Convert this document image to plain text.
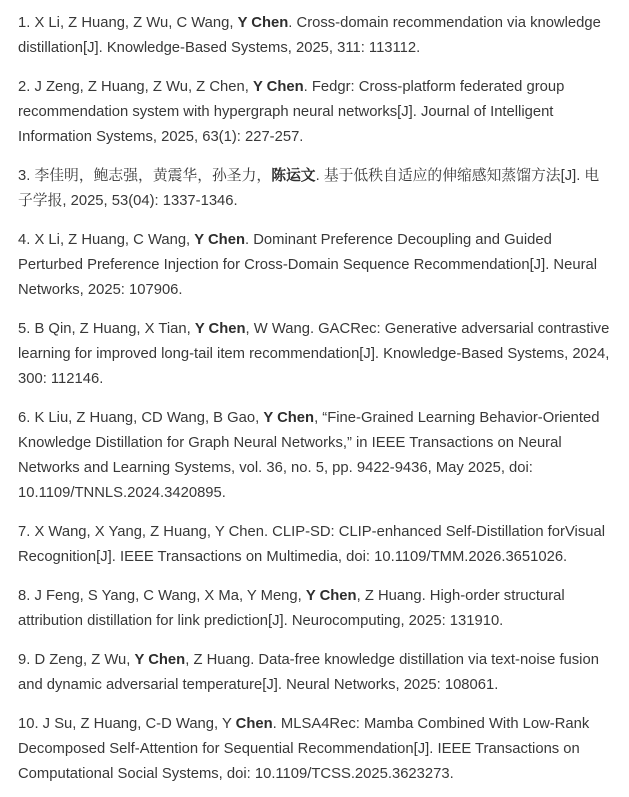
1. X Li, Z Huang, Z Wu, C Wang, Y Chen. Cross-domain recommendation via knowledge distillation[J]. Knowledge-Based Systems, 2025, 311: 113112.

2. J Zeng, Z Huang, Z Wu, Z Chen, Y Chen. Fedgr: Cross-platform federated group recommendation system with hypergraph neural networks[J]. Journal of Intelligent Information Systems, 2025, 63(1): 227-257.

3. 李佳明，鲍志强，黄震华，孙圣力，陈运文. 基于低秩自适应的伸缩感知蒸馏方法[J]. 电子学报, 2025, 53(04): 1337-1346.

4. X Li, Z Huang, C Wang, Y Chen. Dominant Preference Decoupling and Guided Perturbed Preference Injection for Cross-Domain Sequence Recommendation[J]. Neural Networks, 2025: 107906.

5. B Qin, Z Huang, X Tian, Y Chen, W Wang. GACRec: Generative adversarial contrastive learning for improved long-tail item recommendation[J]. Knowledge-Based Systems, 2024, 300: 112146.

6. K Liu, Z Huang, CD Wang, B Gao, Y Chen, “Fine-Grained Learning Behavior-Oriented Knowledge Distillation for Graph Neural Networks,” in IEEE Transactions on Neural Networks and Learning Systems, vol. 36, no. 5, pp. 9422-9436, May 2025, doi: 10.1109/TNNLS.2024.3420895.

7. X Wang, X Yang, Z Huang, Y Chen. CLIP-SD: CLIP-enhanced Self-Distillation forVisual Recognition[J]. IEEE Transactions on Multimedia, doi: 10.1109/TMM.2026.3651026.

8. J Feng, S Yang, C Wang, X Ma, Y Meng, Y Chen, Z Huang. High-order structural attribution distillation for link prediction[J]. Neurocomputing, 2025: 131910.

9. D Zeng, Z Wu, Y Chen, Z Huang. Data-free knowledge distillation via text-noise fusion and dynamic adversarial temperature[J]. Neural Networks, 2025: 108061.

10. J Su, Z Huang, C-D Wang, Y Chen. MLSA4Rec: Mamba Combined With Low-Rank Decomposed Self-Attention for Sequential Recommendation[J]. IEEE Transactions on Computational Social Systems, doi: 10.1109/TCSS.2025.3623273.
